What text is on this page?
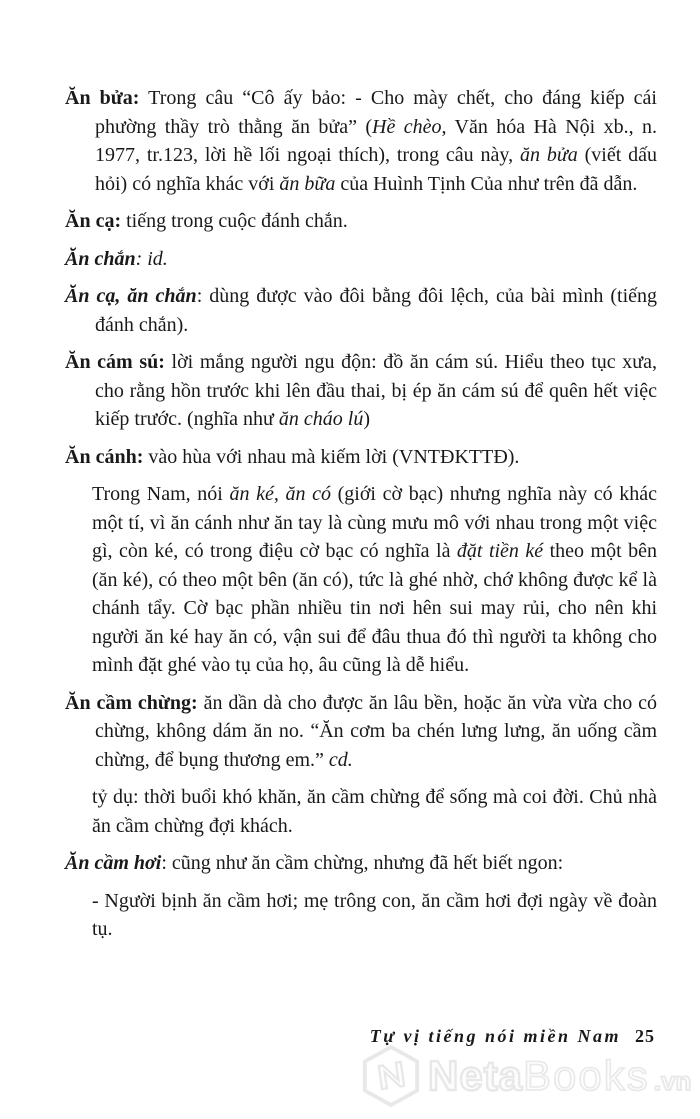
Ăn bửa: Trong câu “Cô ấy bảo: - Cho mày chết, cho đáng kiếp cái phường thầy trò thằng ăn bửa” (Hề chèo, Văn hóa Hà Nội xb., n. 1977, tr.123, lời hề lối ngoại thích), trong câu này, ăn bửa (viết dấu hỏi) có nghĩa khác với ăn bữa của Huình Tịnh Của như trên đã dẫn.

Ăn cạ: tiếng trong cuộc đánh chắn.

Ăn chắn: id.

Ăn cạ, ăn chắn: dùng được vào đôi bằng đôi lệch, của bài mình (tiếng đánh chắn).

Ăn cám sú: lời mắng người ngu độn: đồ ăn cám sú. Hiểu theo tục xưa, cho rằng hồn trước khi lên đầu thai, bị ép ăn cám sú để quên hết việc kiếp trước. (nghĩa như ăn cháo lú)

Ăn cánh: vào hùa với nhau mà kiếm lời (VNTĐKTTĐ).

Trong Nam, nói ăn ké, ăn có (giới cờ bạc) nhưng nghĩa này có khác một tí, vì ăn cánh như ăn tay là cùng mưu mô với nhau trong một việc gì, còn ké, có trong điệu cờ bạc có nghĩa là đặt tiền ké theo một bên (ăn ké), có theo một bên (ăn có), tức là ghé nhờ, chớ không được kể là chánh tẩy. Cờ bạc phần nhiều tin nơi hên sui may rủi, cho nên khi người ăn ké hay ăn có, vận sui để đâu thua đó thì người ta không cho mình đặt ghé vào tụ của họ, âu cũng là dễ hiểu.

Ăn cầm chừng: ăn dần dà cho được ăn lâu bền, hoặc ăn vừa vừa cho có chừng, không dám ăn no. “Ăn cơm ba chén lưng lưng, ăn uống cầm chừng, để bụng thương em.” cd.

tỷ dụ: thời buổi khó khăn, ăn cầm chừng để sống mà coi đời. Chủ nhà ăn cầm chừng đợi khách.

Ăn cầm hơi: cũng như ăn cầm chừng, nhưng đã hết biết ngon:

- Người bịnh ăn cầm hơi; mẹ trông con, ăn cầm hơi đợi ngày về đoàn tụ.

Tự vị tiếng nói miền Nam 25
NetaBooks .vn
